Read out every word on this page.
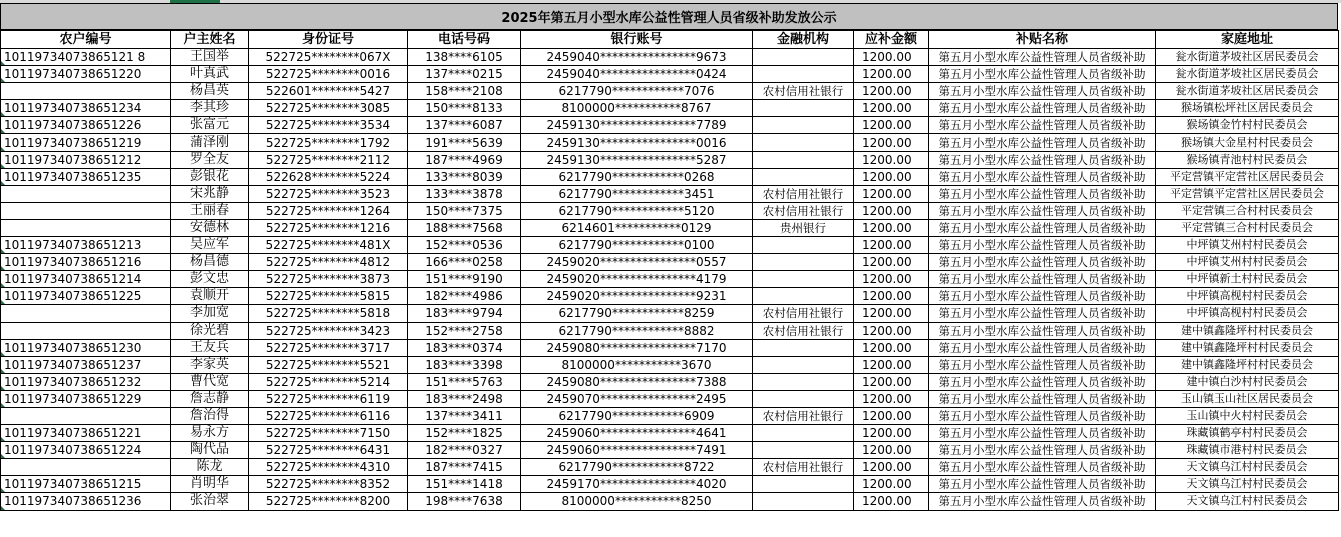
2025年第五月小型水库公益性管理人员省级补助发放公示
农户编号	户主姓名	身份证号	电话号码	银行账号	金融机构	应补金额	补贴名称	家庭地址
10119734073865121 8	王国举	522725********067X	138****6105	2459040****************9673		1200.00	第五月小型水库公益性管理人员省级补助	瓮水街道茅坡社区居民委员会
101197340738651220	叶真武	522725********0016	137****0215	2459040****************0424		1200.00	第五月小型水库公益性管理人员省级补助	瓮水街道茅坡社区居民委员会
	杨昌英	522601********5427	158****2108	6217790************7076	农村信用社银行	1200.00	第五月小型水库公益性管理人员省级补助	瓮水街道茅坡社区居民委员会
101197340738651234	李其珍	522725********3085	150****8133	8100000***********8767		1200.00	第五月小型水库公益性管理人员省级补助	猴场镇松坪社区居民委员会
101197340738651226	张富元	522725********3534	137****6087	2459130****************7789		1200.00	第五月小型水库公益性管理人员省级补助	猴场镇金竹村村民委员会
101197340738651219	蒲泽刚	522725********1792	191****5639	2459130****************0016		1200.00	第五月小型水库公益性管理人员省级补助	猴场镇大金星村村民委员会
101197340738651212	罗全友	522725********2112	187****4969	2459130****************5287		1200.00	第五月小型水库公益性管理人员省级补助	猴场镇青池村村民委员会
101197340738651235	彭银花	522628********5224	133****8039	6217790************0268		1200.00	第五月小型水库公益性管理人员省级补助	平定营镇平定营社区居民委员会
	宋兆静	522725********3523	133****3878	6217790************3451	农村信用社银行	1200.00	第五月小型水库公益性管理人员省级补助	平定营镇平定营社区居民委员会
	王丽春	522725********1264	150****7375	6217790************5120	农村信用社银行	1200.00	第五月小型水库公益性管理人员省级补助	平定营镇三合村村民委员会
	安德林	522725********1216	188****7568	6214601***********0129	贵州银行	1200.00	第五月小型水库公益性管理人员省级补助	平定营镇三合村村民委员会
101197340738651213	吴应军	522725********481X	152****0536	6217790************0100		1200.00	第五月小型水库公益性管理人员省级补助	中坪镇艾州村村民委员会
101197340738651216	杨昌德	522725********4812	166****0258	2459020****************0557		1200.00	第五月小型水库公益性管理人员省级补助	中坪镇艾州村村民委员会
101197340738651214	彭文忠	522725********3873	151****9190	2459020****************4179		1200.00	第五月小型水库公益性管理人员省级补助	中坪镇新土村村民委员会
101197340738651225	袁顺开	522725********5815	182****4986	2459020****************9231		1200.00	第五月小型水库公益性管理人员省级补助	中坪镇高枧村村民委员会
	李加宽	522725********5818	183****9794	6217790************8259	农村信用社银行	1200.00	第五月小型水库公益性管理人员省级补助	中坪镇高枧村村民委员会
	徐光碧	522725********3423	152****2758	6217790************8882	农村信用社银行	1200.00	第五月小型水库公益性管理人员省级补助	建中镇鑫隆坪村村民委员会
101197340738651230	王友兵	522725********3717	183****0374	2459080****************7170		1200.00	第五月小型水库公益性管理人员省级补助	建中镇鑫隆坪村村民委员会
101197340738651237	李家英	522725********5521	183****3398	8100000***********3670		1200.00	第五月小型水库公益性管理人员省级补助	建中镇鑫隆坪村村民委员会
101197340738651232	曹代宽	522725********5214	151****5763	2459080****************7388		1200.00	第五月小型水库公益性管理人员省级补助	建中镇白沙村村民委员会
101197340738651229	詹志静	522725********6119	183****2498	2459070****************2495		1200.00	第五月小型水库公益性管理人员省级补助	玉山镇玉山社区居民委员会
	詹治得	522725********6116	137****3411	6217790************6909	农村信用社银行	1200.00	第五月小型水库公益性管理人员省级补助	玉山镇中火村村民委员会
101197340738651221	易永方	522725********7150	152****1825	2459060****************4641		1200.00	第五月小型水库公益性管理人员省级补助	珠藏镇鹤亭村村民委员会
101197340738651224	陶代品	522725********6431	182****0327	2459060****************7491		1200.00	第五月小型水库公益性管理人员省级补助	珠藏镇市港村村民委员会
	陈龙	522725********4310	187****7415	6217790************8722	农村信用社银行	1200.00	第五月小型水库公益性管理人员省级补助	天文镇乌江村村民委员会
101197340738651215	肖明华	522725********8352	151****1418	2459170****************4020		1200.00	第五月小型水库公益性管理人员省级补助	天文镇乌江村村民委员会
101197340738651236	张治翠	522725********8200	198****7638	8100000***********8250		1200.00	第五月小型水库公益性管理人员省级补助	天文镇乌江村村民委员会
